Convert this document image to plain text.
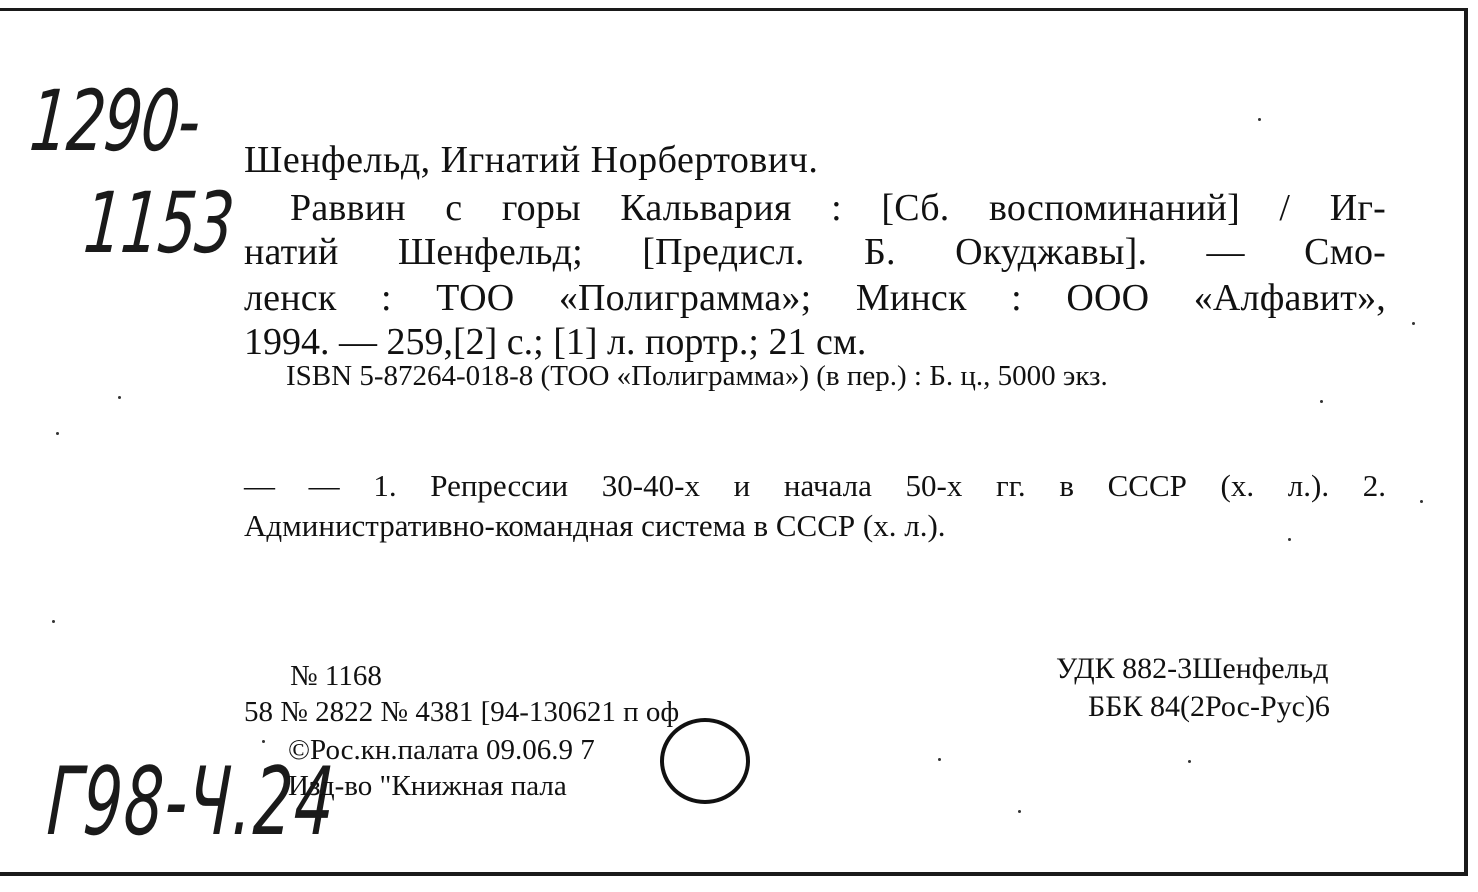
1290-
1153
Г98-Ч.24
Шенфельд, Игнатий Норбертович.
Раввин с горы Кальвария : [Сб. воспоминаний] / Иг-
натий Шенфельд; [Предисл. Б. Окуджавы]. — Смо-
ленск : ТОО «Полиграмма»; Минск : ООО «Алфавит»,
1994. — 259,[2] с.; [1] л. портр.; 21 см.
ISBN 5-87264-018-8 (ТОО «Полиграмма») (в пер.) : Б. ц., 5000 экз.
— — 1. Репрессии 30-40-х и начала 50-х гг. в СССР (х. л.). 2.
Административно-командная система в СССР (х. л.).
№ 1168
58 № 2822 № 4381 [94-130621 п оф
©Рос.кн.палата 09.06.9 7
Изд-во "Книжная пала
УДК 882-3Шенфельд
ББК 84(2Рос-Рус)6
